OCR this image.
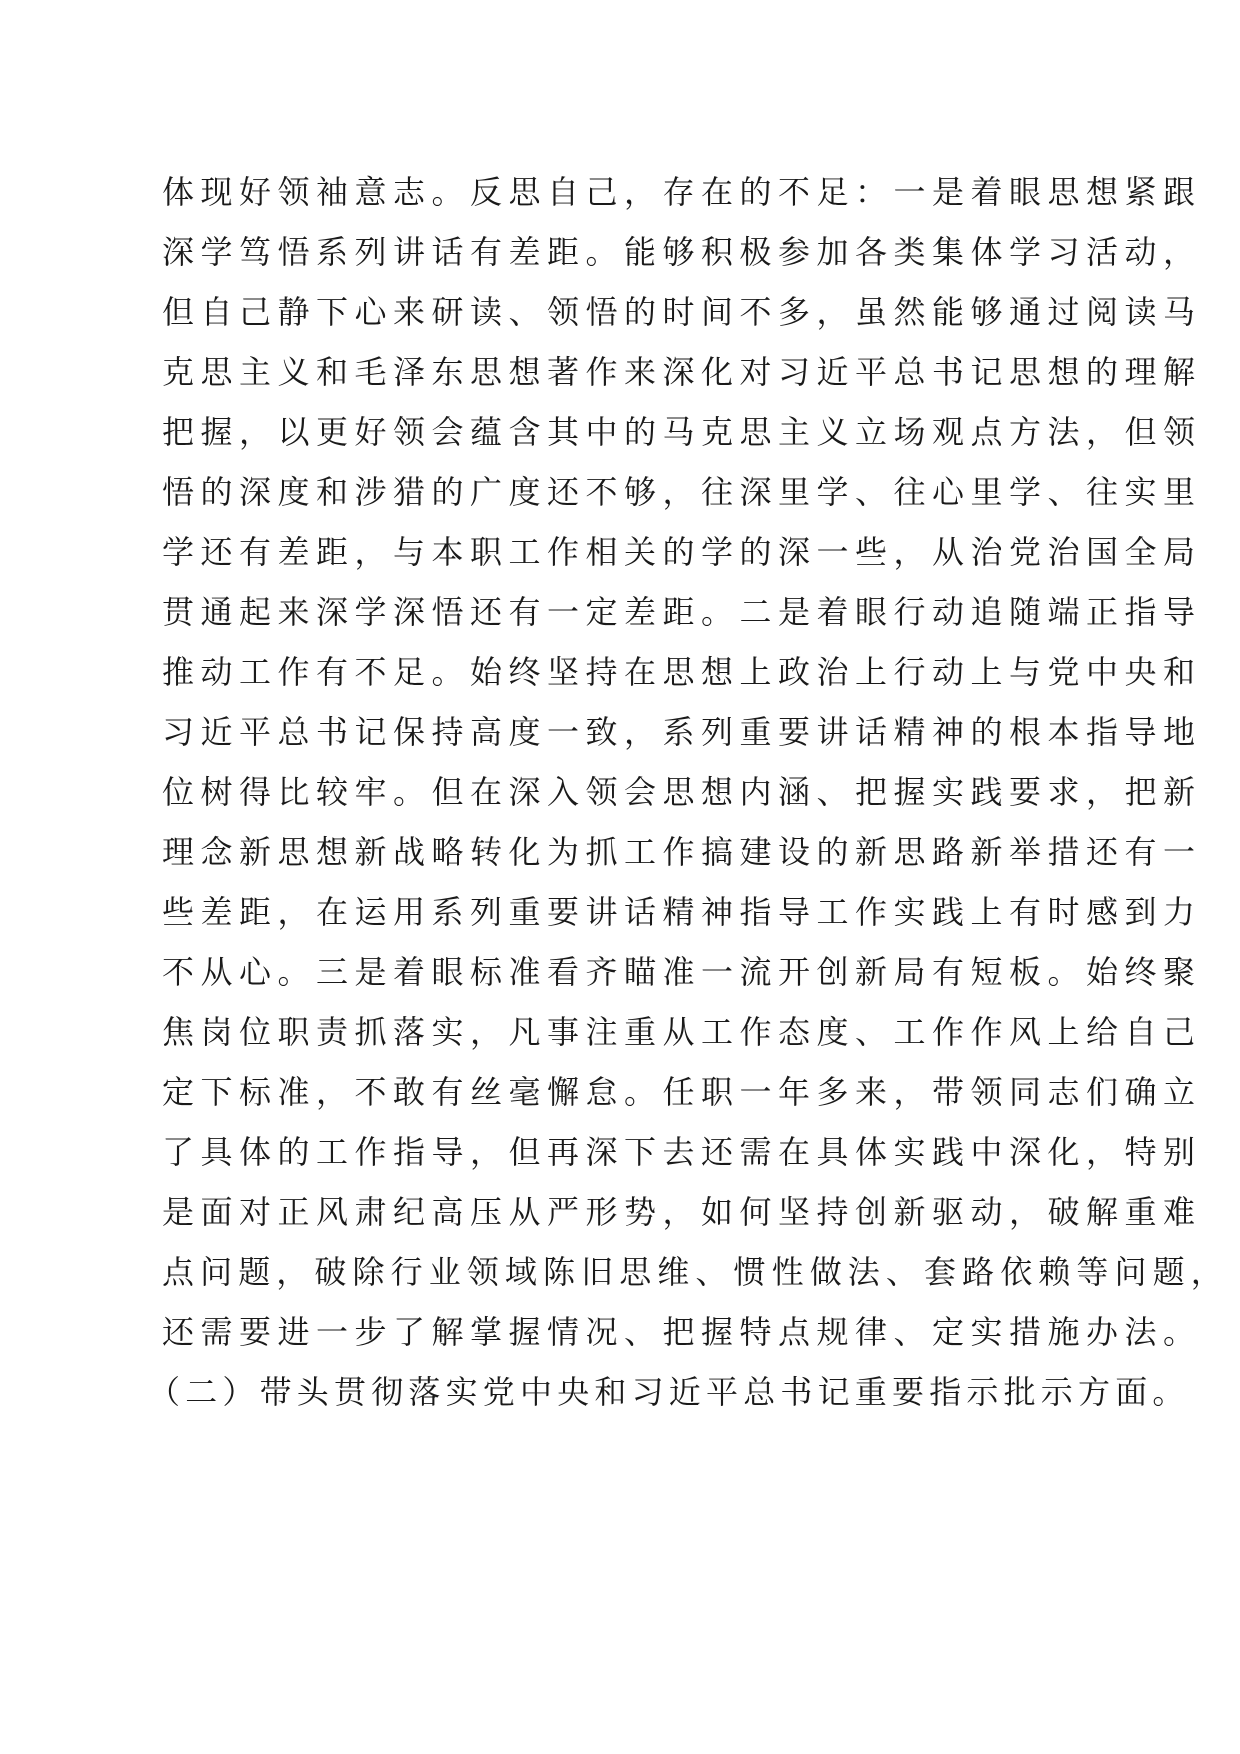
体现好领袖意志。反思自己，存在的不足：一是着眼思想紧跟
深学笃悟系列讲话有差距。能够积极参加各类集体学习活动，
但自己静下心来研读、领悟的时间不多，虽然能够通过阅读马
克思主义和毛泽东思想著作来深化对习近平总书记思想的理解
把握，以更好领会蕴含其中的马克思主义立场观点方法，但领
悟的深度和涉猎的广度还不够，往深里学、往心里学、往实里
学还有差距，与本职工作相关的学的深一些，从治党治国全局
贯通起来深学深悟还有一定差距。二是着眼行动追随端正指导
推动工作有不足。始终坚持在思想上政治上行动上与党中央和
习近平总书记保持高度一致，系列重要讲话精神的根本指导地
位树得比较牢。但在深入领会思想内涵、把握实践要求，把新
理念新思想新战略转化为抓工作搞建设的新思路新举措还有一
些差距，在运用系列重要讲话精神指导工作实践上有时感到力
不从心。三是着眼标准看齐瞄准一流开创新局有短板。始终聚
焦岗位职责抓落实，凡事注重从工作态度、工作作风上给自己
定下标准，不敢有丝毫懈怠。任职一年多来，带领同志们确立
了具体的工作指导，但再深下去还需在具体实践中深化，特别
是面对正风肃纪高压从严形势，如何坚持创新驱动，破解重难
点问题，破除行业领域陈旧思维、惯性做法、套路依赖等问题，
还需要进一步了解掌握情况、把握特点规律、定实措施办法。
（二）带头贯彻落实党中央和习近平总书记重要指示批示方面。
